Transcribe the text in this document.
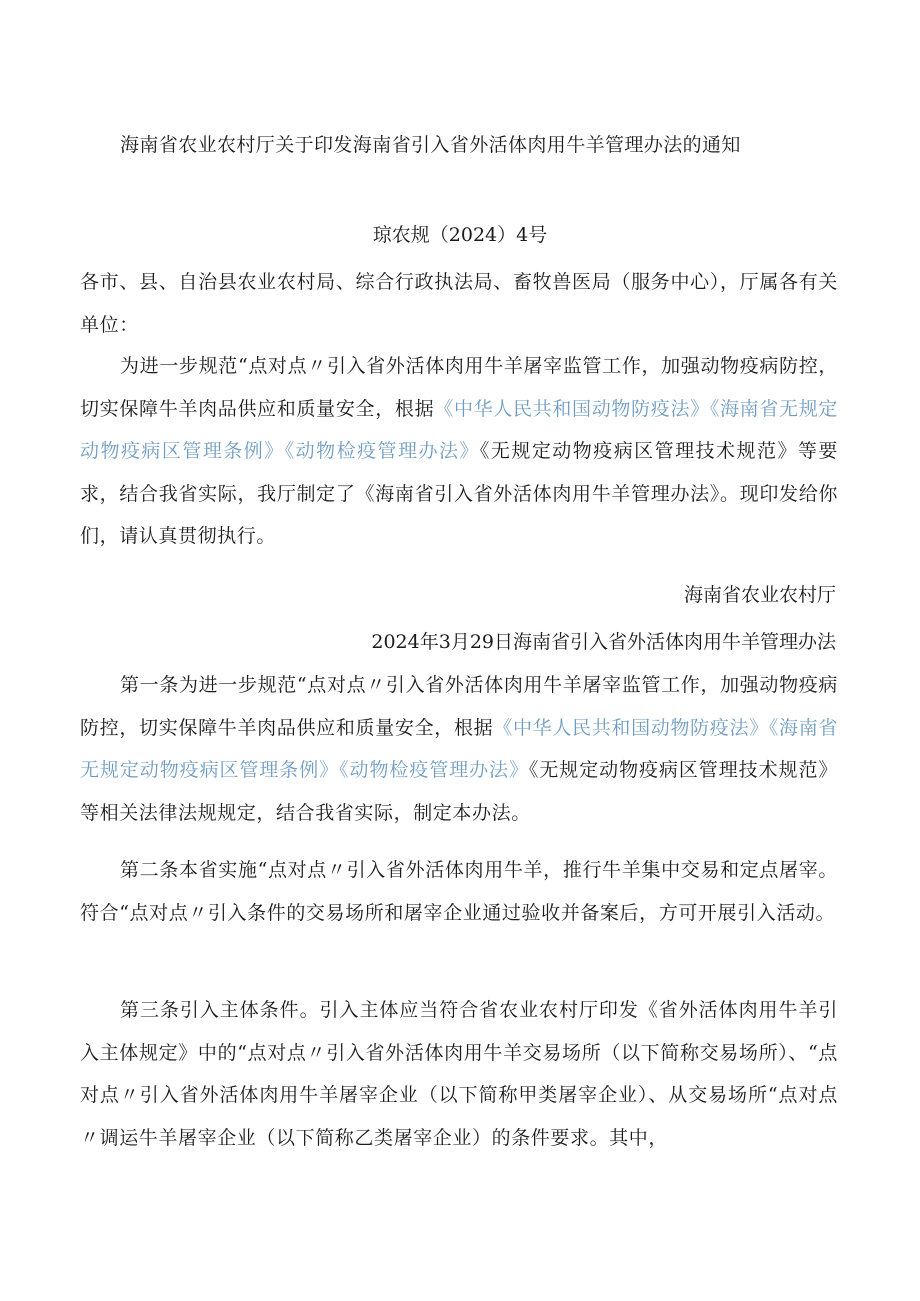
海南省农业农村厅关于印发海南省引入省外活体肉用牛羊管理办法的通知
琼农规（2024）4号

各市、县、自治县农业农村局、综合行政执法局、畜牧兽医局（服务中心），厅属各有关单位：

为进一步规范“点对点〃引入省外活体肉用牛羊屠宰监管工作，加强动物疫病防控，切实保障牛羊肉品供应和质量安全，根据《中华人民共和国动物防疫法》《海南省无规定动物疫病区管理条例》《动物检疫管理办法》《无规定动物疫病区管理技术规范》等要求，结合我省实际，我厅制定了《海南省引入省外活体肉用牛羊管理办法》。现印发给你们，请认真贯彻执行。

海南省农业农村厅
2024年3月29日海南省引入省外活体肉用牛羊管理办法

第一条为进一步规范“点对点〃引入省外活体肉用牛羊屠宰监管工作，加强动物疫病防控，切实保障牛羊肉品供应和质量安全，根据《中华人民共和国动物防疫法》《海南省无规定动物疫病区管理条例》《动物检疫管理办法》《无规定动物疫病区管理技术规范》等相关法律法规规定，结合我省实际，制定本办法。

第二条本省实施“点对点〃引入省外活体肉用牛羊，推行牛羊集中交易和定点屠宰。符合“点对点〃引入条件的交易场所和屠宰企业通过验收并备案后，方可开展引入活动。

第三条引入主体条件。引入主体应当符合省农业农村厅印发《省外活体肉用牛羊引入主体规定》中的“点对点〃引入省外活体肉用牛羊交易场所（以下简称交易场所）、“点对点〃引入省外活体肉用牛羊屠宰企业（以下简称甲类屠宰企业）、从交易场所“点对点〃调运牛羊屠宰企业（以下简称乙类屠宰企业）的条件要求。其中，
